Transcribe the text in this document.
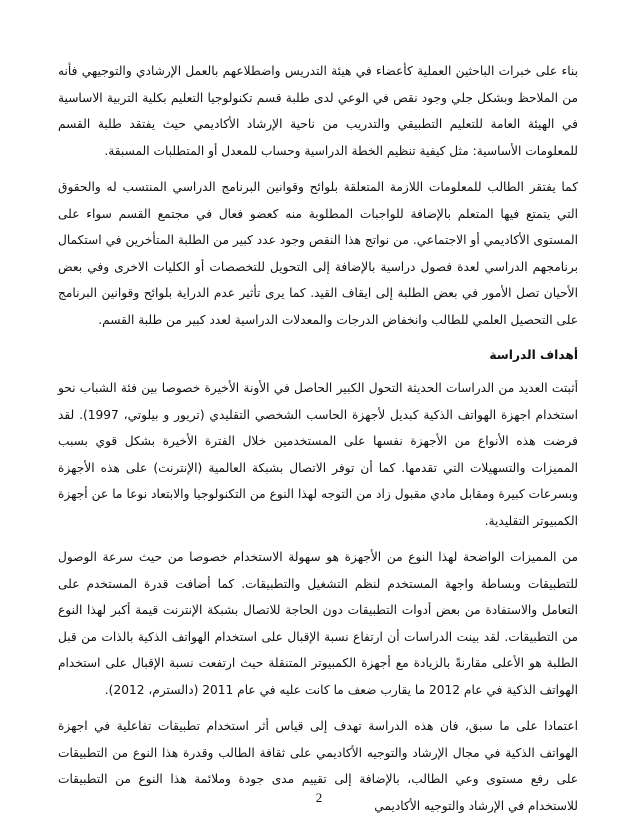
بناء على خبرات الباحثين العملية كأعضاء في هيئة التدريس واضطلاعهم بالعمل الإرشادي والتوجيهي فأنه من الملاحظ وبشكل جلي وجود نقص في الوعي لدى طلبة قسم تكنولوجيا التعليم بكلية التربية الاساسية في الهيئة العامة للتعليم التطبيقي والتدريب من ناحية الإرشاد الأكاديمي حيث يفتقد طلبة القسم للمعلومات الأساسية: مثل كيفية تنظيم الخطة الدراسية وحساب للمعدل أو المتطلبات المسبقة.

كما يفتقر الطالب للمعلومات اللازمة المتعلقة بلوائح وقوانين البرنامج الدراسي المنتسب له والحقوق التي يتمتع فيها المتعلم بالإضافة للواجبات المطلوبة منه كعضو فعال في مجتمع القسم سواء على المستوى الأكاديمي أو الاجتماعي. من نواتج هذا النقص وجود عدد كبير من الطلبة المتأخرين في استكمال برنامجهم الدراسي لعدة فصول دراسية بالإضافة إلى التحويل للتخصصات أو الكليات الاخرى وفي بعض الأحيان تصل الأمور في بعض الطلبة إلى ايقاف القيد. كما يرى تأثير عدم الدراية بلوائح وقوانين البرنامج على التحصيل العلمي للطالب وانخفاض الدرجات والمعدلات الدراسية لعدد كبير من طلبة القسم.

أهداف الدراسة

أثبتت العديد من الدراسات الحديثة التحول الكبير الحاصل في الأونة الأخيرة خصوصا بين فئة الشباب نحو استخدام اجهزة الهواتف الذكية كبديل لأجهزة الحاسب الشخصي التقليدي (تريور و بيلوتي، 1997). لقد فرضت هذه الأنواع من الأجهزة نفسها على المستخدمين خلال الفترة الأخيرة بشكل قوي بسبب المميزات والتسهيلات التي تقدمها. كما أن توفر الاتصال بشبكة العالمية (الإنترنت) على هذه الأجهزة وبسرعات كبيرة ومقابل مادي مقبول زاد من التوجه لهذا النوع من التكنولوجيا والابتعاد نوعا ما عن أجهزة الكمبيوتر التقليدية.

من المميزات الواضحة لهذا النوع من الأجهزة هو سهولة الاستخدام خصوصا من حيث سرعة الوصول للتطبيقات وبساطة واجهة المستخدم لنظم التشغيل والتطبيقات. كما أضافت قدرة المستخدم على التعامل والاستفادة من بعض أدوات التطبيقات دون الحاجة للاتصال بشبكة الإنترنت قيمة أكبر لهذا النوع من التطبيقات. لقد بينت الدراسات أن ارتفاع نسبة الإقبال على استخدام الهواتف الذكية بالذات من قبل الطلبة هو الأعلى مقارنةً بالزيادة مع أجهزة الكمبيوتر المتنقلة حيث ارتفعت نسبة الإقبال على استخدام الهواتف الذكية في عام 2012 ما يقارب ضعف ما كانت عليه في عام 2011 (دالسترم، 2012).

اعتمادا على ما سبق، فان هذه الدراسة تهدف إلى قياس أثر استخدام تطبيقات تفاعلية في اجهزة الهواتف الذكية في مجال الإرشاد والتوجيه الأكاديمي على ثقافة الطالب وقدرة هذا النوع من التطبيقات على رفع مستوى وعي الطالب، بالإضافة إلى تقييم مدى جودة وملائمة هذا النوع من التطبيقات للاستخدام في الإرشاد والتوجيه الأكاديمي

2
